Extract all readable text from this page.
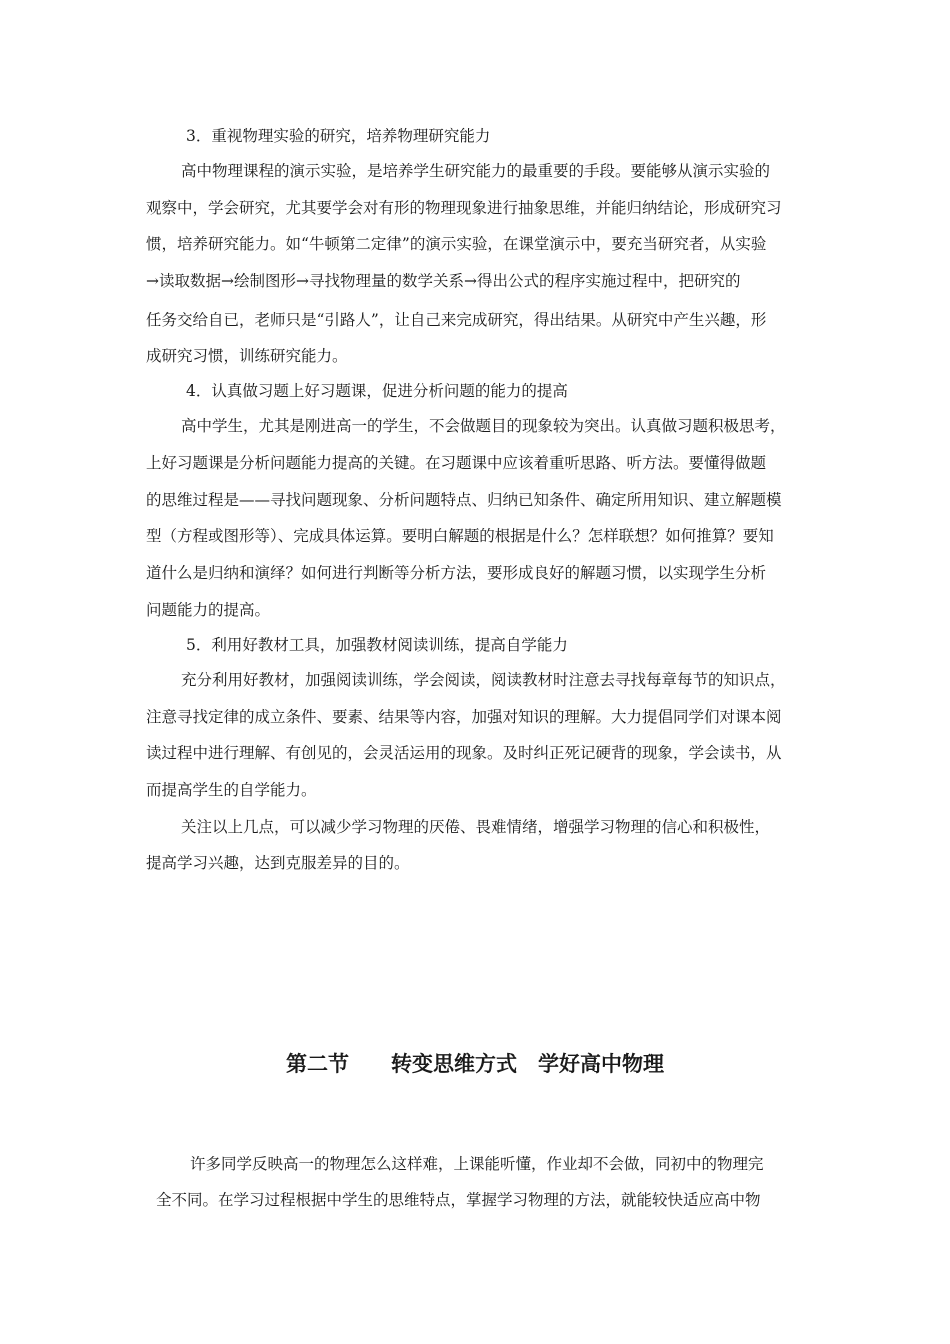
3．重视物理实验的研究，培养物理研究能力
高中物理课程的演示实验，是培养学生研究能力的最重要的手段。要能够从演示实验的
观察中，学会研究，尤其要学会对有形的物理现象进行抽象思维，并能归纳结论，形成研究习
惯，培养研究能力。如“牛顿第二定律”的演示实验，在课堂演示中，要充当研究者，从实验
→读取数据→绘制图形→寻找物理量的数学关系→得出公式的程序实施过程中，把研究的
任务交给自已，老师只是“引路人”，让自己来完成研究，得出结果。从研究中产生兴趣，形
成研究习惯，训练研究能力。
4．认真做习题上好习题课，促进分析问题的能力的提高
高中学生，尤其是刚进高一的学生，不会做题目的现象较为突出。认真做习题积极思考，
上好习题课是分析问题能力提高的关键。在习题课中应该着重听思路、听方法。要懂得做题
的思维过程是——寻找问题现象、分析问题特点、归纳已知条件、确定所用知识、建立解题模
型（方程或图形等）、完成具体运算。要明白解题的根据是什么？怎样联想？如何推算？要知
道什么是归纳和演绎？如何进行判断等分析方法，要形成良好的解题习惯，以实现学生分析
问题能力的提高。
5．利用好教材工具，加强教材阅读训练，提高自学能力
充分利用好教材，加强阅读训练，学会阅读，阅读教材时注意去寻找每章每节的知识点，
注意寻找定律的成立条件、要素、结果等内容，加强对知识的理解。大力提倡同学们对课本阅
读过程中进行理解、有创见的，会灵活运用的现象。及时纠正死记硬背的现象，学会读书，从
而提高学生的自学能力。
关注以上几点，可以减少学习物理的厌倦、畏难情绪，增强学习物理的信心和积极性，
提高学习兴趣，达到克服差异的目的。
第二节　　转变思维方式　学好高中物理
许多同学反映高一的物理怎么这样难，上课能听懂，作业却不会做，同初中的物理完
全不同。在学习过程根据中学生的思维特点，掌握学习物理的方法，就能较快适应高中物
